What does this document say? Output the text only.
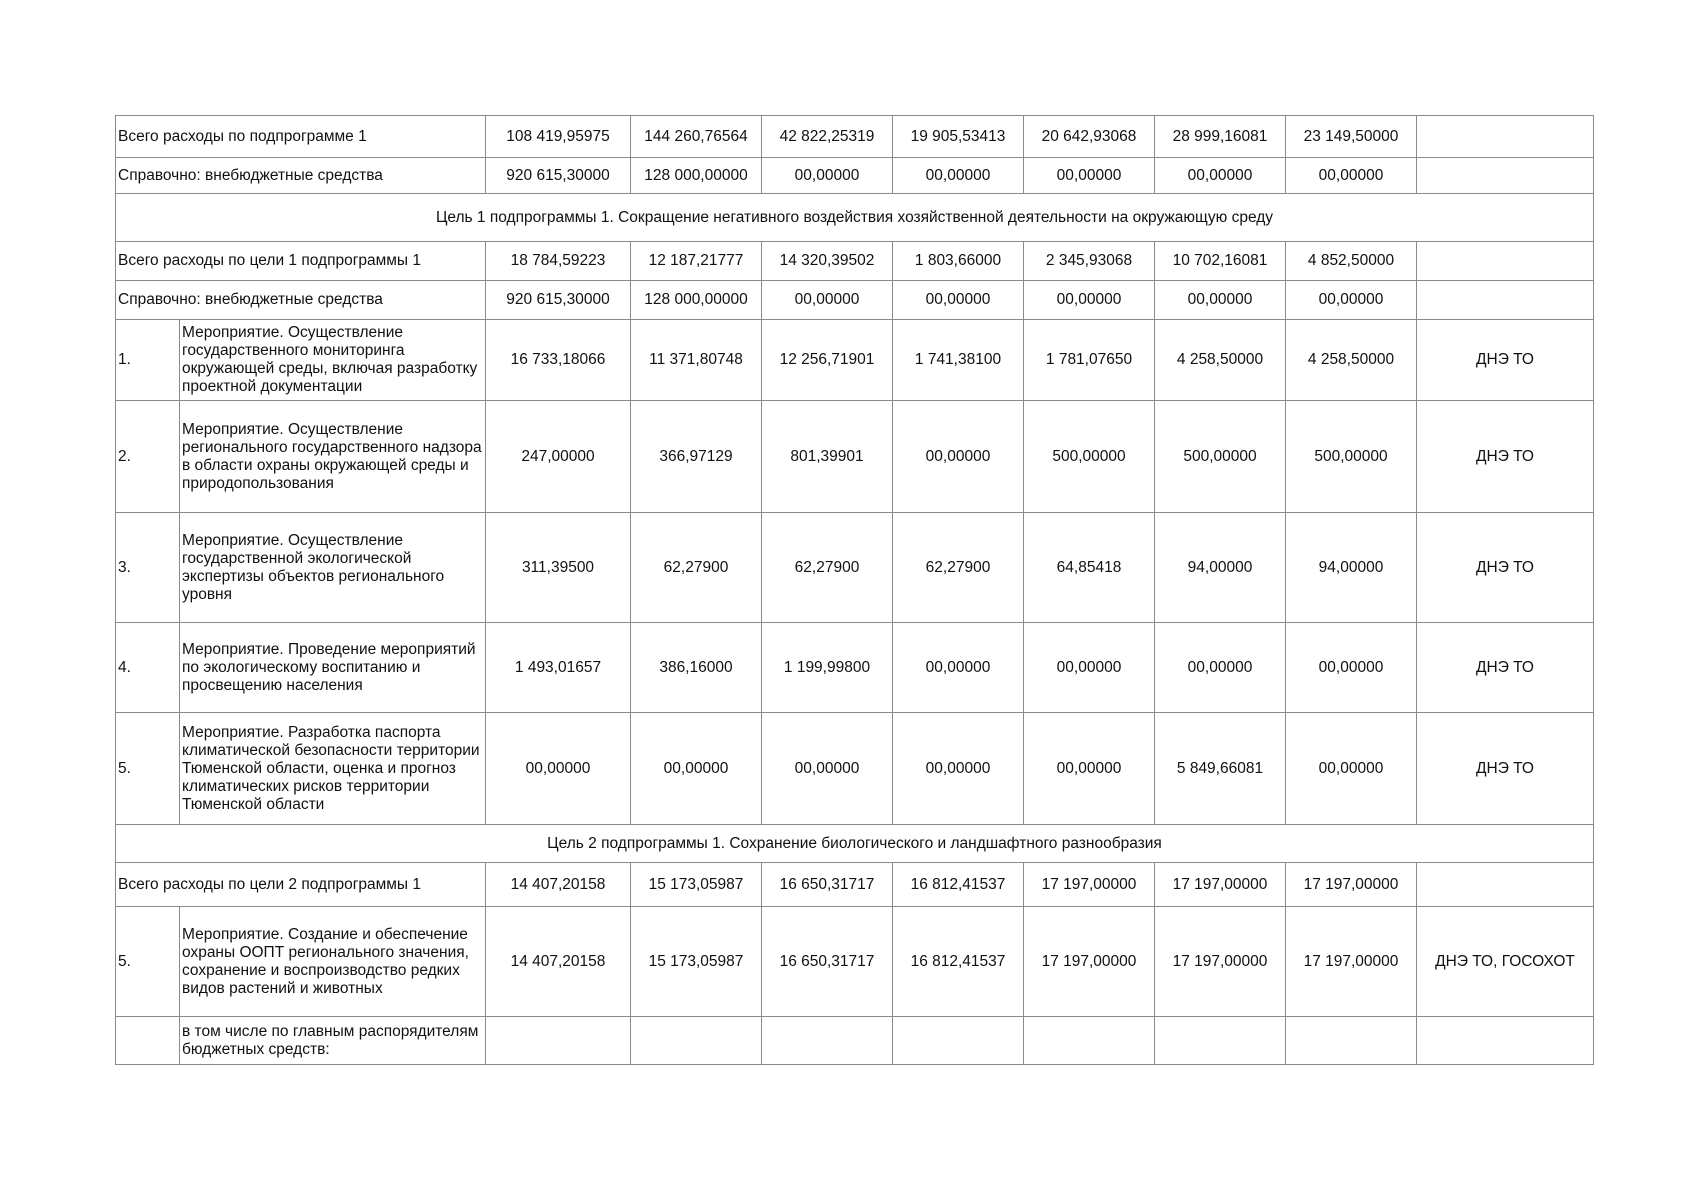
Всего расходы по подпрограмме 1		108 419,95975	144 260,76564	42 822,25319	19 905,53413	20 642,93068	28 999,16081	23 149,50000	
Справочно: внебюджетные средства		920 615,30000	128 000,00000	00,00000	00,00000	00,00000	00,00000	00,00000	
Цель 1 подпрограммы 1. Сокращение негативного воздействия хозяйственной деятельности на окружающую среду									
Всего расходы по цели 1 подпрограммы 1		18 784,59223	12 187,21777	14 320,39502	1 803,66000	2 345,93068	10 702,16081	4 852,50000	
Справочно: внебюджетные средства		920 615,30000	128 000,00000	00,00000	00,00000	00,00000	00,00000	00,00000	
1.	Мероприятие. Осуществление государственного мониторинга окружающей среды, включая разработку проектной документации	16 733,18066	11 371,80748	12 256,71901	1 741,38100	1 781,07650	4 258,50000	4 258,50000	ДНЭ ТО
2.	Мероприятие. Осуществление регионального государственного надзора в области охраны окружающей среды и природопользования	247,00000	366,97129	801,39901	00,00000	500,00000	500,00000	500,00000	ДНЭ ТО
3.	Мероприятие. Осуществление государственной экологической экспертизы объектов регионального уровня	311,39500	62,27900	62,27900	62,27900	64,85418	94,00000	94,00000	ДНЭ ТО
4.	Мероприятие. Проведение мероприятий по экологическому воспитанию и просвещению населения	1 493,01657	386,16000	1 199,99800	00,00000	00,00000	00,00000	00,00000	ДНЭ ТО
5.	Мероприятие. Разработка паспорта климатической безопасности территории Тюменской области, оценка и прогноз климатических рисков территории Тюменской области	00,00000	00,00000	00,00000	00,00000	00,00000	5 849,66081	00,00000	ДНЭ ТО
Цель 2 подпрограммы 1. Сохранение биологического и ландшафтного разнообразия									
Всего расходы по цели 2 подпрограммы 1		14 407,20158	15 173,05987	16 650,31717	16 812,41537	17 197,00000	17 197,00000	17 197,00000	
5.	Мероприятие. Создание и обеспечение охраны ООПТ регионального значения, сохранение и воспроизводство редких видов растений и животных	14 407,20158	15 173,05987	16 650,31717	16 812,41537	17 197,00000	17 197,00000	17 197,00000	ДНЭ ТО, ГОСОХОТ
	в том числе по главным распорядителям бюджетных средств:								
